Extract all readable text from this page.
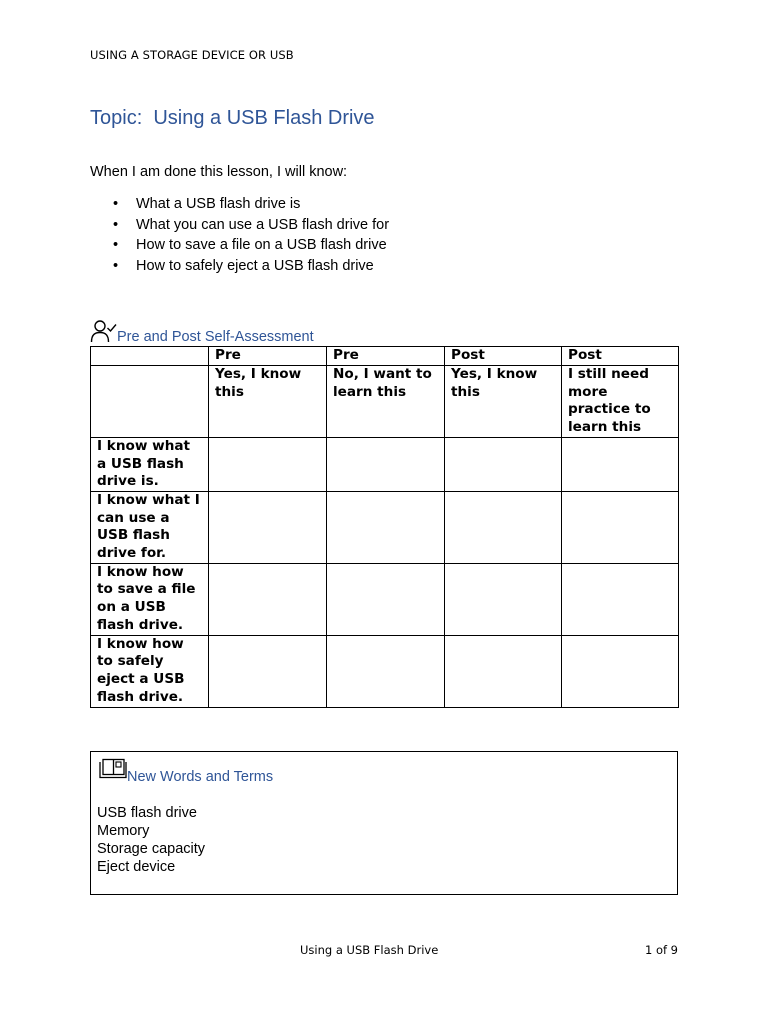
USING A STORAGE DEVICE OR USB
Topic:  Using a USB Flash Drive
When I am done this lesson, I will know:
• What a USB flash drive is
• What you can use a USB flash drive for
• How to save a file on a USB flash drive
• How to safely eject a USB flash drive
Pre and Post Self-Assessment
	Pre	Pre	Post	Post
	Yes, I know this	No, I want to learn this	Yes, I know this	I still need more practice to learn this
I know what a USB flash drive is.				
I know what I can use a USB flash drive for.				
I know how to save a file on a USB flash drive.				
I know how to safely eject a USB flash drive.				
New Words and Terms
USB flash drive
Memory
Storage capacity
Eject device
Using a USB Flash Drive	1 of 9
